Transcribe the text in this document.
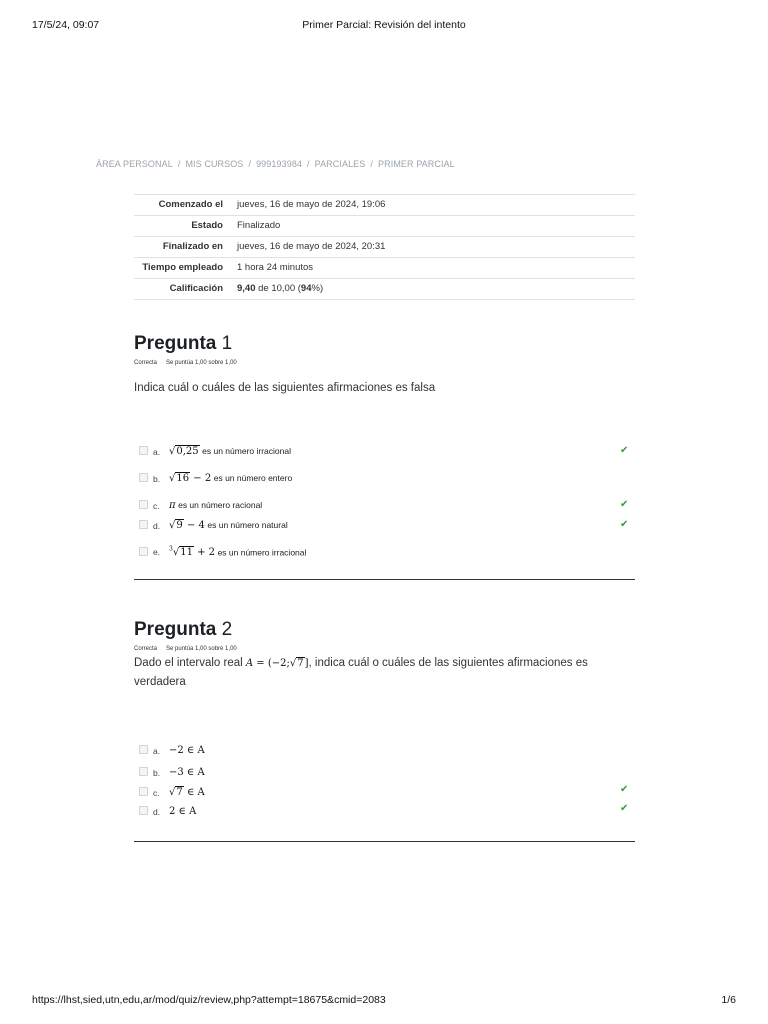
17/5/24, 09:07	Primer Parcial: Revisión del intento
ÁREA PERSONAL / MIS CURSOS / 999193984 / PARCIALES / PRIMER PARCIAL
Comenzado el	jueves, 16 de mayo de 2024, 19:06
Estado	Finalizado
Finalizado en	jueves, 16 de mayo de 2024, 20:31
Tiempo empleado	1 hora 24 minutos
Calificación	9,40 de 10,00 (94%)
Pregunta 1
Correcta Se puntúa 1,00 sobre 1,00
Indica cuál o cuáles de las siguientes afirmaciones es falsa
a. √0,25 es un número irracional	✔
b. √16 − 2 es un número entero
c. π es un número racional	✔
d. √9 − 4 es un número natural	✔
e. $^3$√11 + 2 es un número irracional
Pregunta 2
Correcta Se puntúa 1,00 sobre 1,00
Dado el intervalo real A = (−2;√7], indica cuál o cuáles de las siguientes afirmaciones es verdadera
a. −2 ∈ A
b. −3 ∈ A
c. √7 ∈ A	✔
d. 2 ∈ A	✔
https://lhst,sied,utn,edu,ar/mod/quiz/review,php?attempt=18675&cmid=2083	1/6
